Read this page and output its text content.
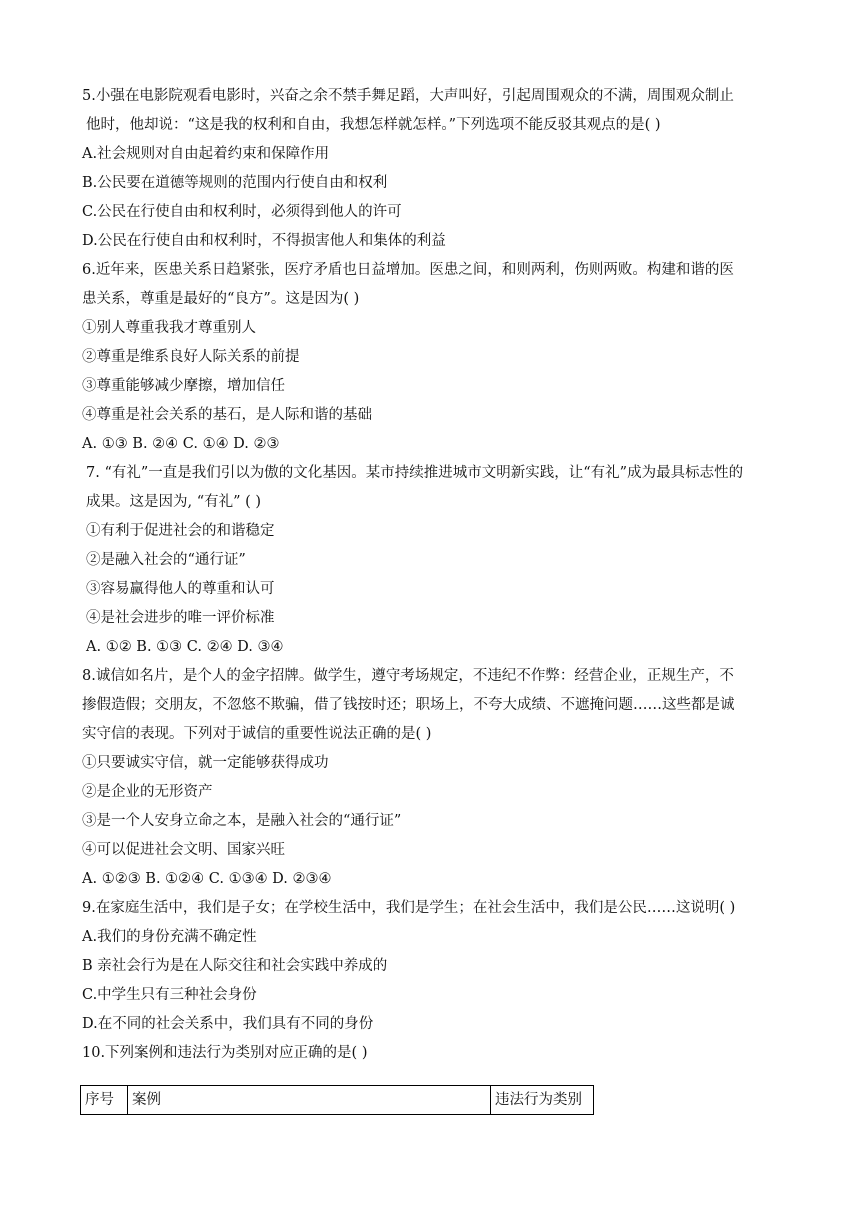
5.小强在电影院观看电影时，兴奋之余不禁手舞足蹈，大声叫好，引起周围观众的不满，周围观众制止
他时，他却说：“这是我的权利和自由，我想怎样就怎样。”下列选项不能反驳其观点的是( )
A.社会规则对自由起着约束和保障作用
B.公民要在道德等规则的范围内行使自由和权利
C.公民在行使自由和权利时，必须得到他人的许可
D.公民在行使自由和权利时，不得损害他人和集体的利益
6.近年来，医患关系日趋紧张，医疗矛盾也日益增加。医患之间，和则两利，伤则两败。构建和谐的医
患关系，尊重是最好的“良方”。这是因为( )
①别人尊重我我才尊重别人
②尊重是维系良好人际关系的前提
③尊重能够减少摩擦，增加信任
④尊重是社会关系的基石，是人际和谐的基础
A. ①③ B. ②④ C. ①④ D. ②③
7. “有礼”一直是我们引以为傲的文化基因。某市持续推进城市文明新实践，让“有礼”成为最具标志性的
成果。这是因为, “有礼” ( )
①有利于促进社会的和谐稳定
②是融入社会的“通行证”
③容易赢得他人的尊重和认可
④是社会进步的唯一评价标准
A. ①② B. ①③ C. ②④ D. ③④
8.诚信如名片，是个人的金字招牌。做学生，遵守考场规定，不违纪不作弊：经营企业，正规生产，不
掺假造假；交朋友，不忽悠不欺骗，借了钱按时还；职场上，不夸大成绩、不遮掩问题……这些都是诚
实守信的表现。下列对于诚信的重要性说法正确的是( )
①只要诚实守信，就一定能够获得成功
②是企业的无形资产
③是一个人安身立命之本，是融入社会的“通行证”
④可以促进社会文明、国家兴旺
A. ①②③ B. ①②④ C. ①③④ D. ②③④
9.在家庭生活中，我们是子女；在学校生活中，我们是学生；在社会生活中，我们是公民……这说明( )
A.我们的身份充满不确定性
B 亲社会行为是在人际交往和社会实践中养成的
C.中学生只有三种社会身份
D.在不同的社会关系中，我们具有不同的身份
10.下列案例和违法行为类别对应正确的是( )
序号	案例	违法行为类别
